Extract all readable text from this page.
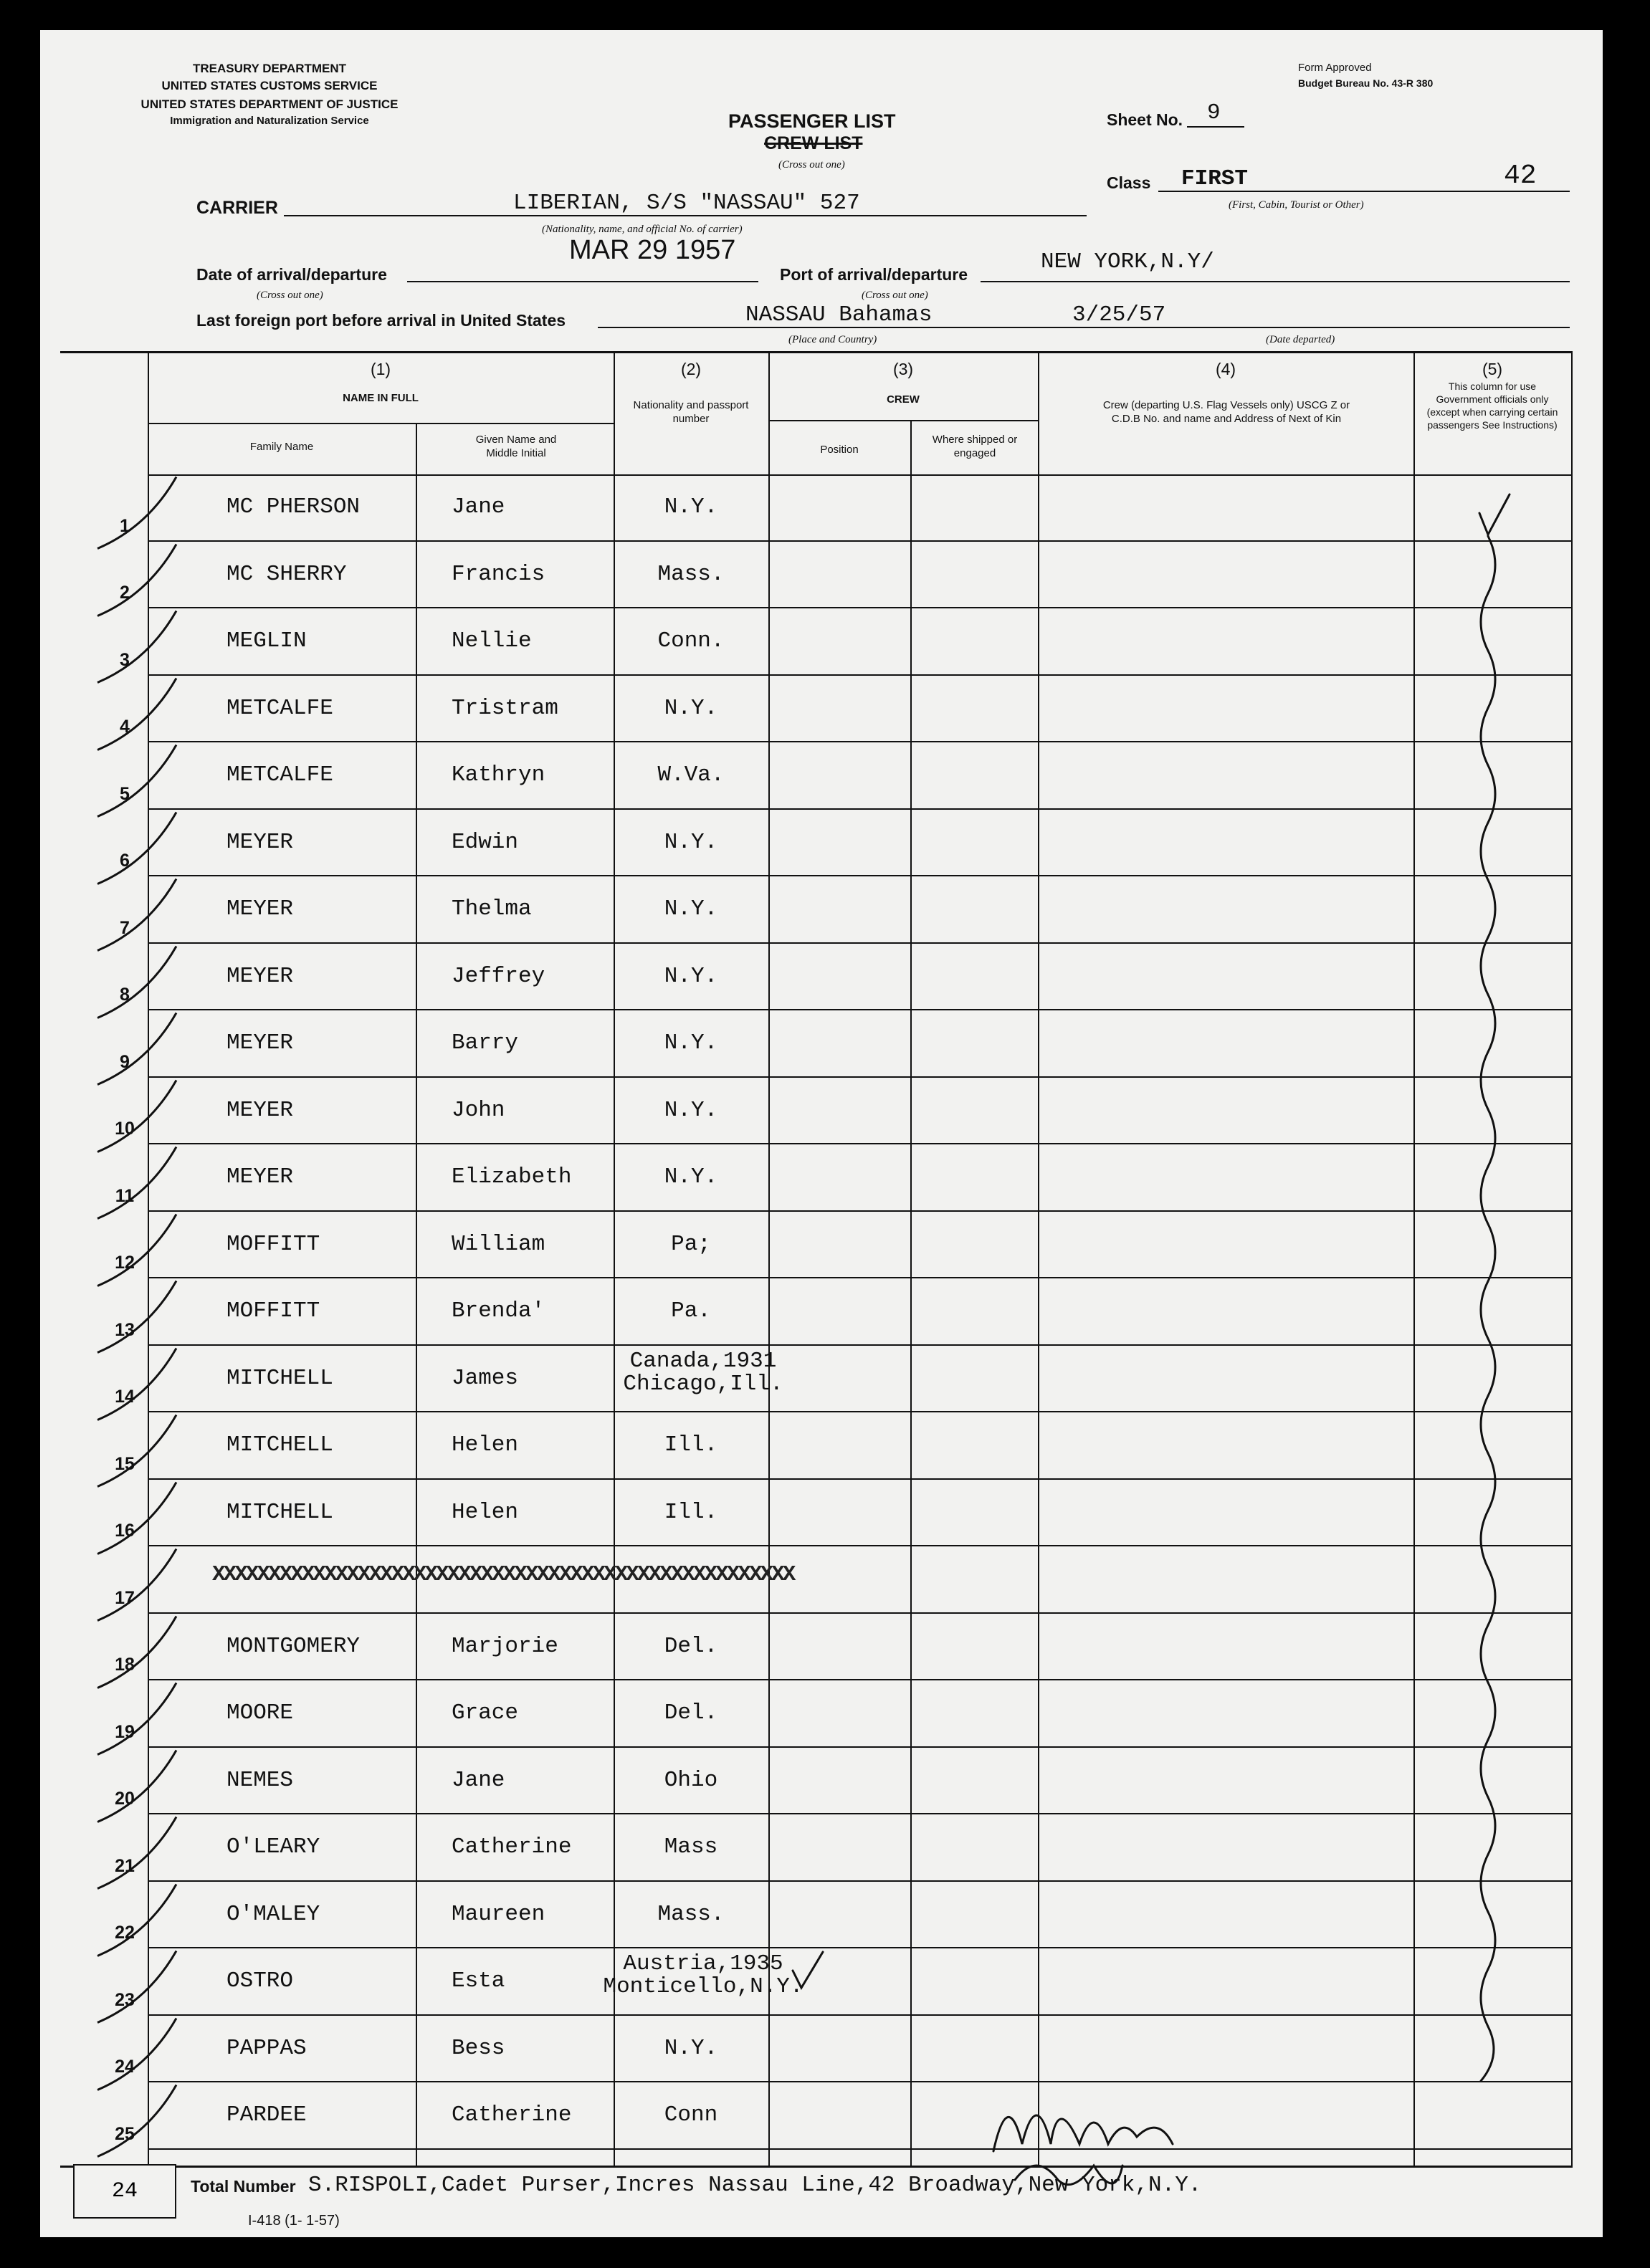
TREASURY DEPARTMENT
UNITED STATES CUSTOMS SERVICE
UNITED STATES DEPARTMENT OF JUSTICE
Immigration and Naturalization Service
Form Approved
Budget Bureau No. 43-R 380
PASSENGER LIST
CREW LIST
(Cross out one)
Sheet No. 9
Class FIRST	42
(First, Cabin, Tourist or Other)
CARRIER	LIBERIAN, S/S "NASSAU" 527
(Nationality, name, and official No. of carrier)
MAR 29 1957
Date of arrival/departure
(Cross out one)
Port of arrival/departure	NEW YORK,N.Y/
(Cross out one)
Last foreign port before arrival in United States	NASSAU Bahamas
(Place and Country)
3/25/57
(Date departed)
(1)
NAME IN FULL
Family Name
Given Name and Middle Initial
(2)
Nationality and passport number
(3)
CREW
Position
Where shipped or engaged
(4)
Crew (departing U.S. Flag Vessels only) USCG Z or C.D.B No. and name and Address of Next of Kin
(5)
This column for use Government officials only (except when carrying certain passengers See Instructions)
1
MC PHERSON	Jane	N.Y.
2
MC SHERRY	Francis	Mass.
3
MEGLIN	Nellie	Conn.
4
METCALFE	Tristram	N.Y.
5
METCALFE	Kathryn	W.Va.
6
MEYER	Edwin	N.Y.
7
MEYER	Thelma	N.Y.
8
MEYER	Jeffrey	N.Y.
9
MEYER	Barry	N.Y.
10
MEYER	John	N.Y.
11
MEYER	Elizabeth	N.Y.
12
MOFFITT	William	Pa;
13
MOFFITT	Brenda'	Pa.
14
MITCHELL	James
Canada,1931 Chicago,Ill.
15
MITCHELL	Helen	Ill.
16
MITCHELL	Helen	Ill.
17
XXXXXXXXXXXXXXXXXXXXXXXXXXXXXXXXXXXXXXXXXXXXXXXXXXXX
18
MONTGOMERY	Marjorie	Del.
19
MOORE	Grace	Del.
20
NEMES	Jane	Ohio
21
O'LEARY	Catherine	Mass
22
O'MALEY	Maureen	Mass.
23
OSTRO	Esta
Austria,1935 Monticello,N.Y.
24
PAPPAS	Bess	N.Y.
25
PARDEE	Catherine	Conn
24	Total Number S.RISPOLI,Cadet Purser,Incres Nassau Line,42 Broadway,New York,N.Y.
I-418 (1- 1-57)
